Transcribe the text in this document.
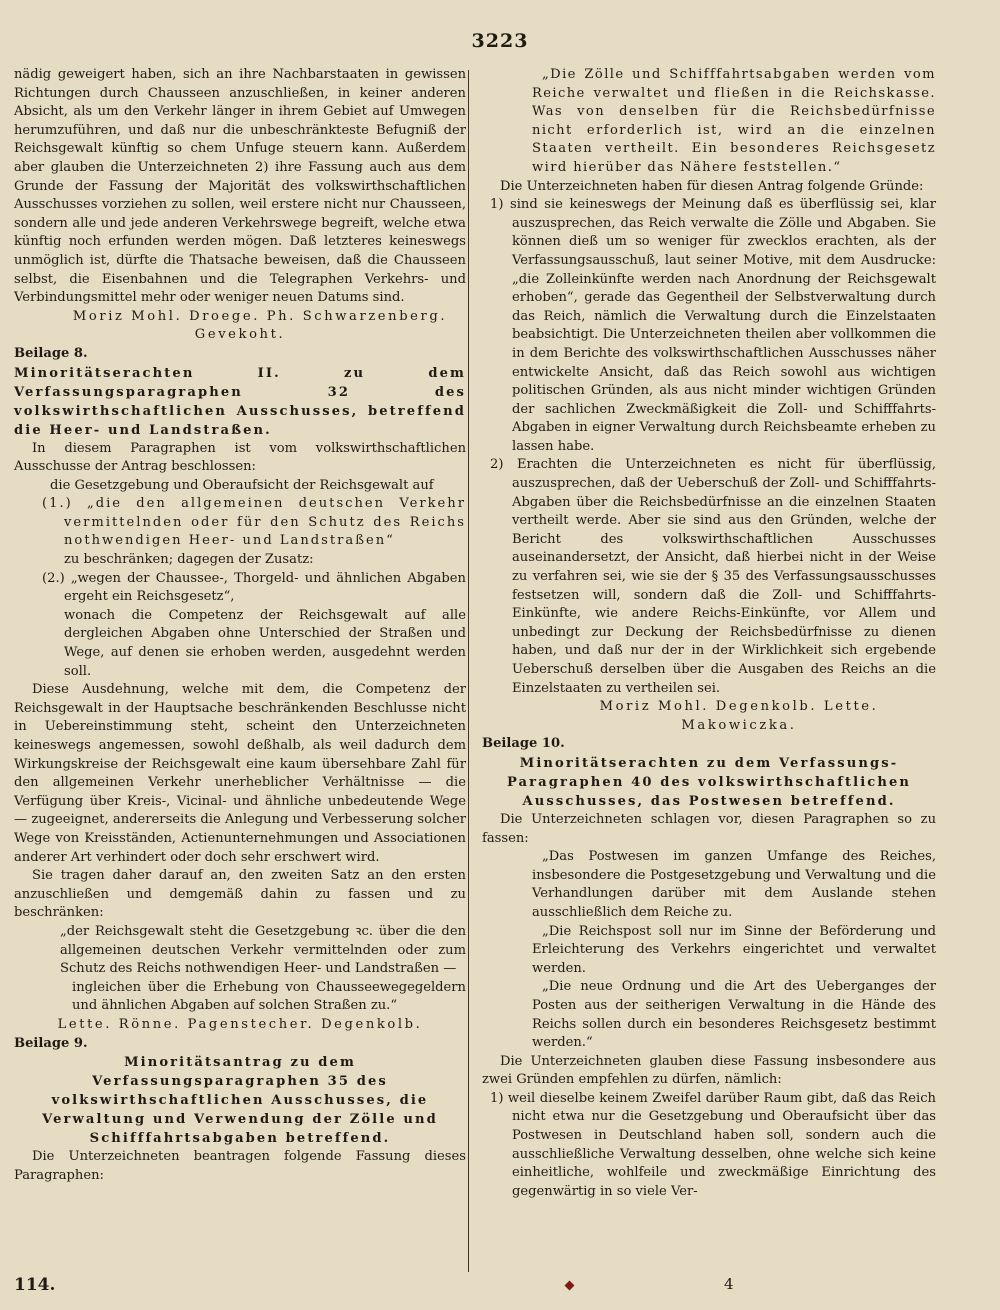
3223

nädig geweigert haben, sich an ihre Nachbarstaaten in gewissen Richtungen durch Chausseen anzuschließen, in keiner anderen Absicht, als um den Verkehr länger in ihrem Gebiet auf Umwegen herumzuführen, und daß nur die unbeschränkteste Befugniß der Reichsgewalt künftig so chem Unfuge steuern kann. Außerdem aber glauben die Unterzeichneten 2) ihre Fassung auch aus dem Grunde der Fassung der Majorität des volkswirthschaftlichen Ausschusses vorziehen zu sollen, weil erstere nicht nur Chausseen, sondern alle und jede anderen Verkehrswege begreift, welche etwa künftig noch erfunden werden mögen. Daß letzteres keineswegs unmöglich ist, dürfte die Thatsache beweisen, daß die Chausseen selbst, die Eisenbahnen und die Telegraphen Verkehrs- und Verbindungsmittel mehr oder weniger neuen Datums sind.

Moriz Mohl. Droege. Ph. Schwarzenberg.

Gevekoht.

Beilage 8.

Minoritätserachten II. zu dem Verfassungsparagraphen 32 des volkswirthschaftlichen Ausschusses, betreffend die Heer- und Landstraßen.

In diesem Paragraphen ist vom volkswirthschaftlichen Ausschusse der Antrag beschlossen:

die Gesetzgebung und Oberaufsicht der Reichsgewalt auf

(1.) „die den allgemeinen deutschen Verkehr vermittelnden oder für den Schutz des Reichs nothwendigen Heer- und Landstraßen“

zu beschränken; dagegen der Zusatz:

(2.) „wegen der Chaussee-, Thorgeld- und ähnlichen Abgaben ergeht ein Reichsgesetz“,

wonach die Competenz der Reichsgewalt auf alle dergleichen Abgaben ohne Unterschied der Straßen und Wege, auf denen sie erhoben werden, ausgedehnt werden soll.

Diese Ausdehnung, welche mit dem, die Competenz der Reichsgewalt in der Hauptsache beschränkenden Beschlusse nicht in Uebereinstimmung steht, scheint den Unterzeichneten keineswegs angemessen, sowohl deßhalb, als weil dadurch dem Wirkungskreise der Reichsgewalt eine kaum übersehbare Zahl für den allgemeinen Verkehr unerheblicher Verhältnisse — die Verfügung über Kreis-, Vicinal- und ähnliche unbedeutende Wege — zugeeignet, andererseits die Anlegung und Verbesserung solcher Wege von Kreisständen, Actienunternehmungen und Associationen anderer Art verhindert oder doch sehr erschwert wird.

Sie tragen daher darauf an, den zweiten Satz an den ersten anzuschließen und demgemäß dahin zu fassen und zu beschränken:

„der Reichsgewalt steht die Gesetzgebung ꝛc. über die den allgemeinen deutschen Verkehr vermittelnden oder zum Schutz des Reichs nothwendigen Heer- und Landstraßen —

ingleichen über die Erhebung von Chausseewegegeldern und ähnlichen Abgaben auf solchen Straßen zu.“

Lette. Rönne. Pagenstecher. Degenkolb.

Beilage 9.

Minoritätsantrag zu dem Verfassungsparagraphen 35 des volkswirthschaftlichen Ausschusses, die Verwaltung und Verwendung der Zölle und Schifffahrtsabgaben betreffend.

Die Unterzeichneten beantragen folgende Fassung dieses Paragraphen:

„Die Zölle und Schifffahrtsabgaben werden vom Reiche verwaltet und fließen in die Reichskasse. Was von denselben für die Reichsbedürfnisse nicht erforderlich ist, wird an die einzelnen Staaten vertheilt. Ein besonderes Reichsgesetz wird hierüber das Nähere feststellen.“

Die Unterzeichneten haben für diesen Antrag folgende Gründe:

1) sind sie keineswegs der Meinung daß es überflüssig sei, klar auszusprechen, das Reich verwalte die Zölle und Abgaben. Sie können dieß um so weniger für zwecklos erachten, als der Verfassungsausschuß, laut seiner Motive, mit dem Ausdrucke: „die Zolleinkünfte werden nach Anordnung der Reichsgewalt erhoben“, gerade das Gegentheil der Selbstverwaltung durch das Reich, nämlich die Verwaltung durch die Einzelstaaten beabsichtigt. Die Unterzeichneten theilen aber vollkommen die in dem Berichte des volkswirthschaftlichen Ausschusses näher entwickelte Ansicht, daß das Reich sowohl aus wichtigen politischen Gründen, als aus nicht minder wichtigen Gründen der sachlichen Zweckmäßigkeit die Zoll- und Schifffahrts-Abgaben in eigner Verwaltung durch Reichsbeamte erheben zu lassen habe.

2) Erachten die Unterzeichneten es nicht für überflüssig, auszusprechen, daß der Ueberschuß der Zoll- und Schifffahrts-Abgaben über die Reichsbedürfnisse an die einzelnen Staaten vertheilt werde. Aber sie sind aus den Gründen, welche der Bericht des volkswirthschaftlichen Ausschusses auseinandersetzt, der Ansicht, daß hierbei nicht in der Weise zu verfahren sei, wie sie der § 35 des Verfassungsausschusses festsetzen will, sondern daß die Zoll- und Schifffahrts-Einkünfte, wie andere Reichs-Einkünfte, vor Allem und unbedingt zur Deckung der Reichsbedürfnisse zu dienen haben, und daß nur der in der Wirklichkeit sich ergebende Ueberschuß derselben über die Ausgaben des Reichs an die Einzelstaaten zu vertheilen sei.

Moriz Mohl. Degenkolb. Lette. Makowiczka.

Beilage 10.

Minoritätserachten zu dem Verfassungs-Paragraphen 40 des volkswirthschaftlichen Ausschusses, das Postwesen betreffend.

Die Unterzeichneten schlagen vor, diesen Paragraphen so zu fassen:

„Das Postwesen im ganzen Umfange des Reiches, insbesondere die Postgesetzgebung und Verwaltung und die Verhandlungen darüber mit dem Auslande stehen ausschließlich dem Reiche zu.

„Die Reichspost soll nur im Sinne der Beförderung und Erleichterung des Verkehrs eingerichtet und verwaltet werden.

„Die neue Ordnung und die Art des Ueberganges der Posten aus der seitherigen Verwaltung in die Hände des Reichs sollen durch ein besonderes Reichsgesetz bestimmt werden.“

Die Unterzeichneten glauben diese Fassung insbesondere aus zwei Gründen empfehlen zu dürfen, nämlich:

1) weil dieselbe keinem Zweifel darüber Raum gibt, daß das Reich nicht etwa nur die Gesetzgebung und Oberaufsicht über das Postwesen in Deutschland haben soll, sondern auch die ausschließliche Verwaltung desselben, ohne welche sich keine einheitliche, wohlfeile und zweckmäßige Einrichtung des gegenwärtig in so viele Ver-

114.	4
